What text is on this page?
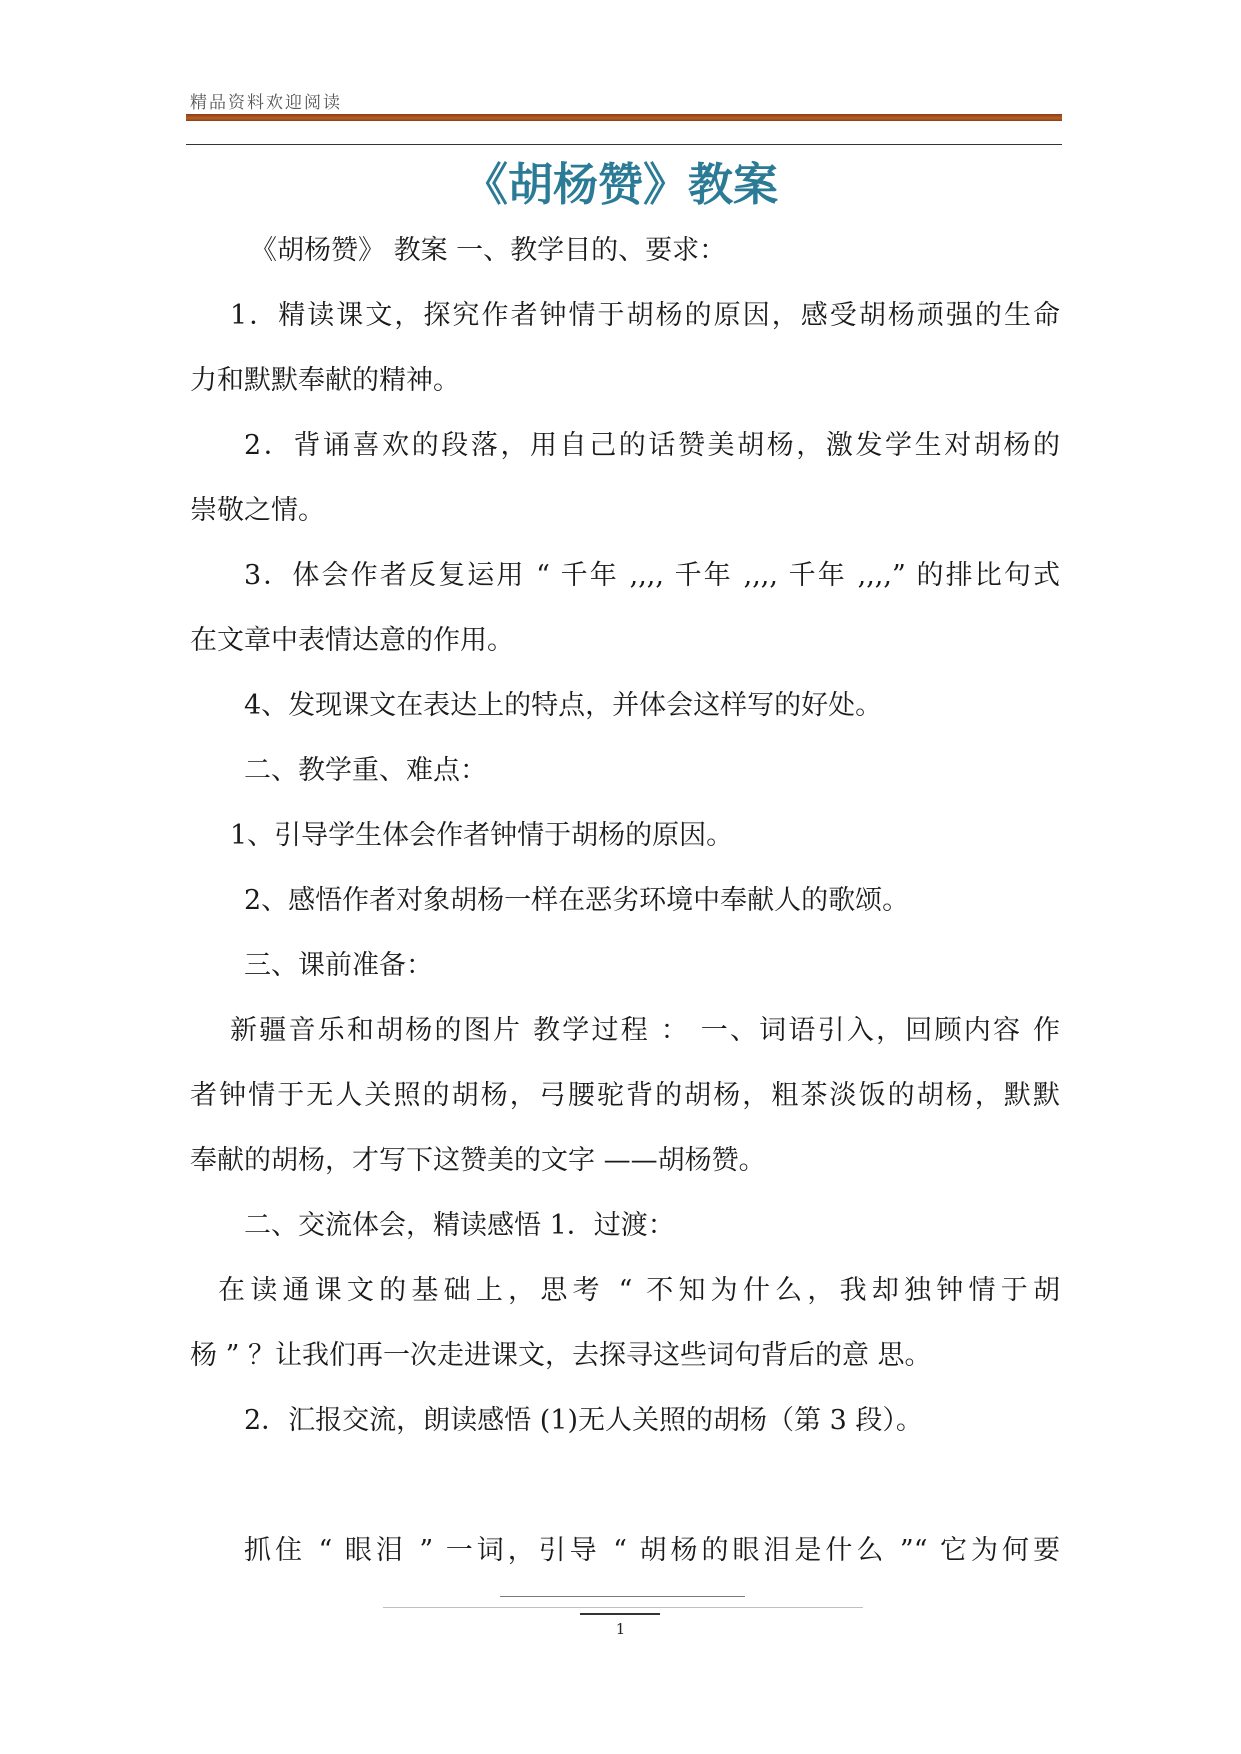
精品资料欢迎阅读
《胡杨赞》教案

《胡杨赞》 教案 一、教学目的、要求：

1．精读课文，探究作者钟情于胡杨的原因，感受胡杨顽强的生命

力和默默奉献的精神。

2．背诵喜欢的段落，用自己的话赞美胡杨，激发学生对胡杨的

崇敬之情。

3．体会作者反复运用 “ 千年 ,,,, 千年 ,,,, 千年 ,,,,” 的排比句式

在文章中表情达意的作用。

4、发现课文在表达上的特点，并体会这样写的好处。

二、教学重、难点：

1、引导学生体会作者钟情于胡杨的原因。

2、感悟作者对象胡杨一样在恶劣环境中奉献人的歌颂。

三、课前准备：

新疆音乐和胡杨的图片 教学过程 ： 一、词语引入，回顾内容 作

者钟情于无人关照的胡杨，弓腰驼背的胡杨，粗茶淡饭的胡杨，默默

奉献的胡杨，才写下这赞美的文字 ——胡杨赞。

二、交流体会，精读感悟 1．过渡：

在读通课文的基础上，思考 “ 不知为什么，我却独钟情于胡

杨 ” ？让我们再一次走进课文，去探寻这些词句背后的意 思。

2．汇报交流，朗读感悟 (1)无人关照的胡杨（第 3 段）。

抓住 “ 眼泪 ” 一词，引导 “ 胡杨的眼泪是什么 ”“ 它为何要

1
